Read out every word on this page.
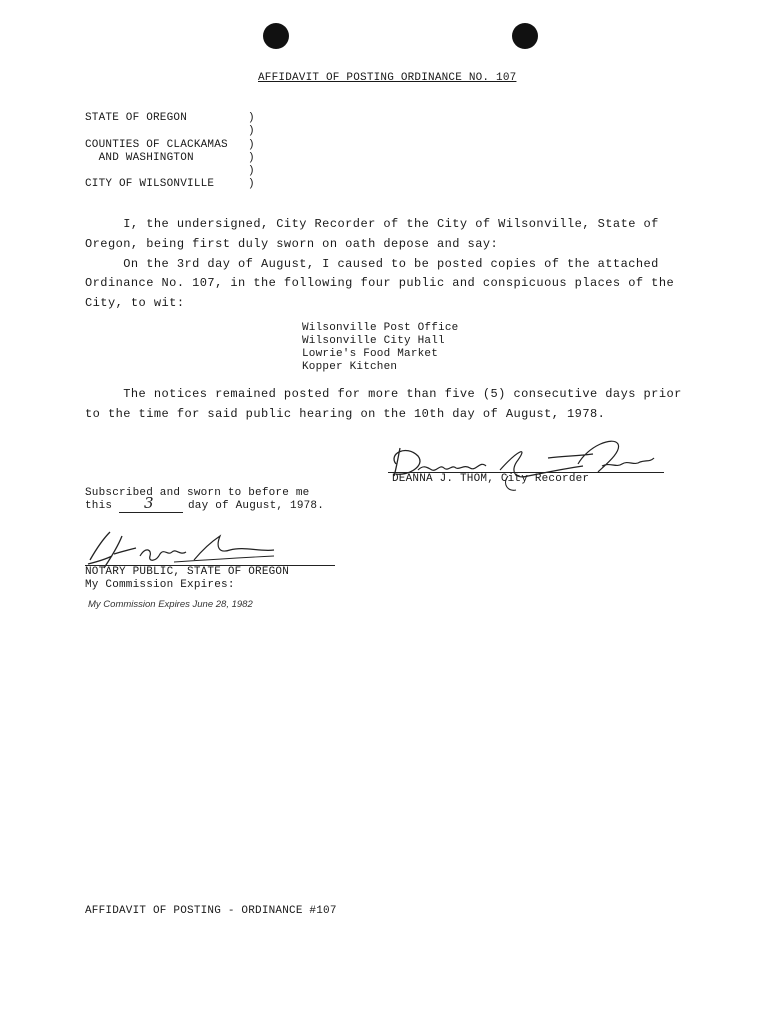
AFFIDAVIT OF POSTING ORDINANCE NO. 107
STATE OF OREGON	)
)
COUNTIES OF CLACKAMAS )
AND WASHINGTON	)
)
CITY OF WILSONVILLE	)
I, the undersigned, City Recorder of the City of Wilsonville, State of
Oregon, being first duly sworn on oath depose and say:
On the 3rd day of August, I caused to be posted copies of the attached
Ordinance No. 107, in the following four public and conspicuous places of the
City, to wit:
Wilsonville Post Office
Wilsonville City Hall
Lowrie's Food Market
Kopper Kitchen
The notices remained posted for more than five (5) consecutive days prior
to the time for said public hearing on the 10th day of August, 1978.
DEANNA J. THOM, City Recorder
Subscribed and sworn to before me
this 3	day of August, 1978.
NOTARY PUBLIC, STATE OF OREGON
My Commission Expires:
My Commission Expires June 28, 1982
AFFIDAVIT OF POSTING - ORDINANCE #107
